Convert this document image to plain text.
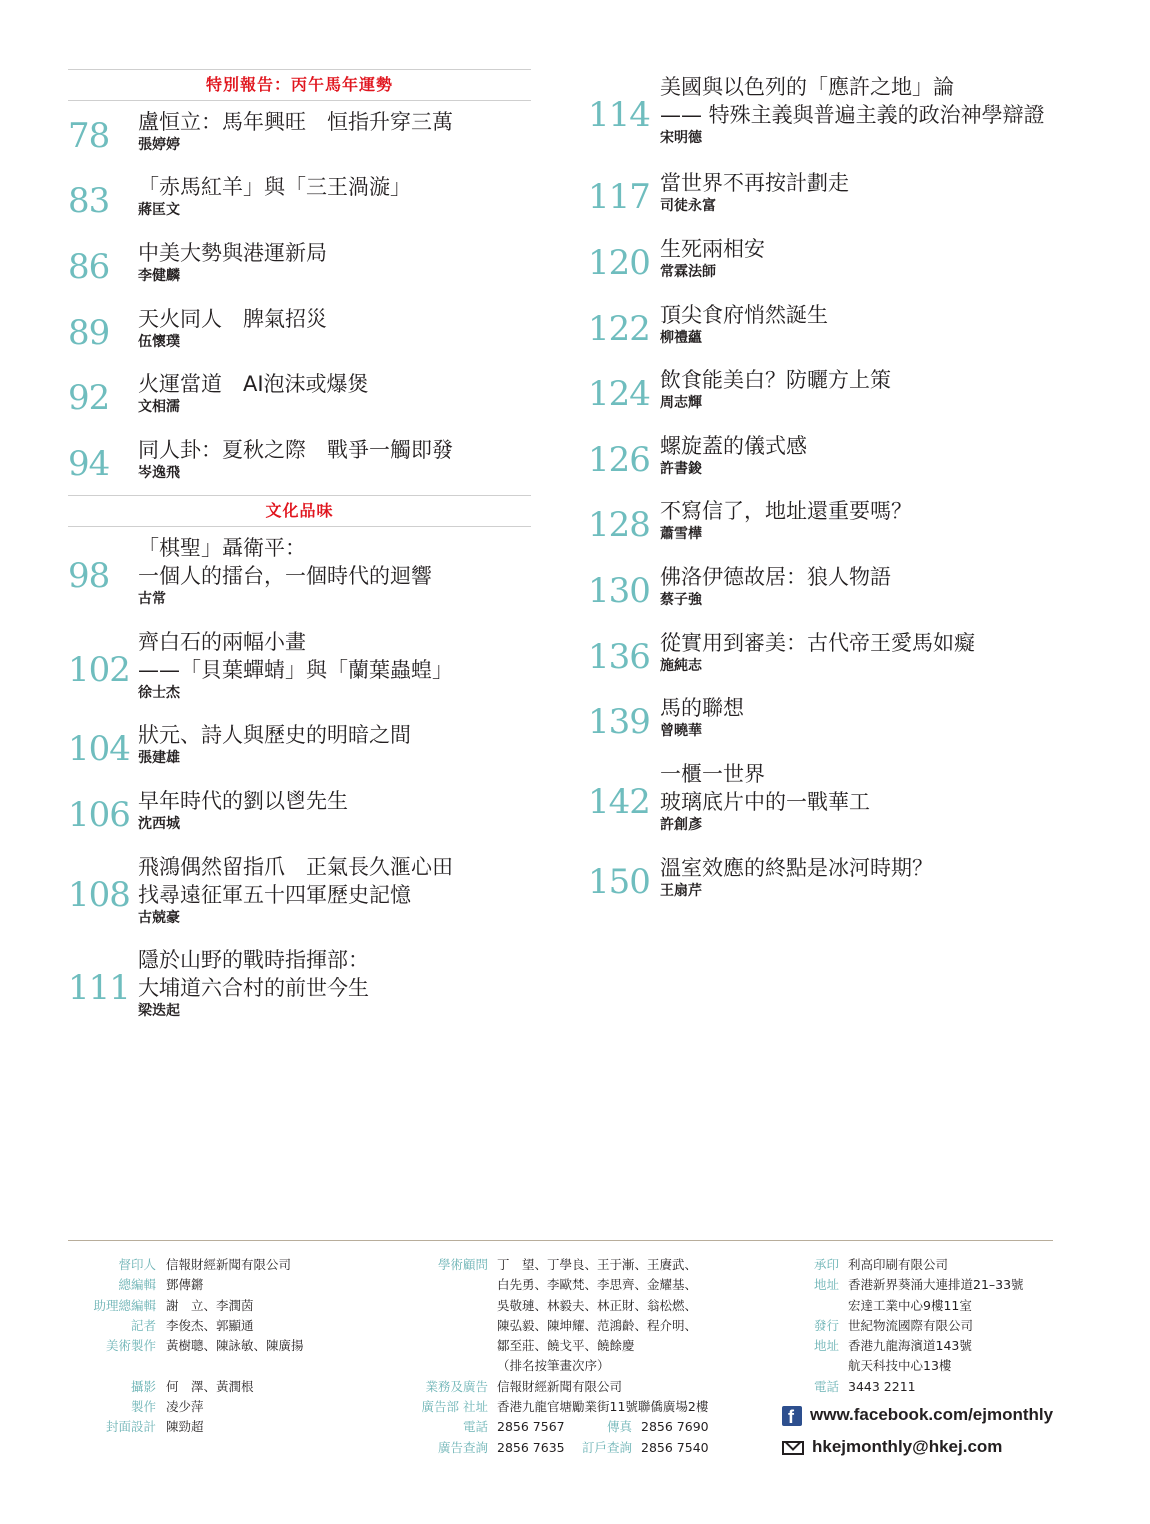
特別報告：丙午馬年運勢
78 盧恒立：馬年興旺　恒指升穿三萬
張婷婷
83 「赤馬紅羊」與「三王渦漩」
蔣匡文
86 中美大勢與港運新局
李健麟
89 天火同人　脾氣招災
伍懷璞
92 火運當道　AI泡沫或爆煲
文相濡
94 同人卦：夏秋之際　戰爭一觸即發
岑逸飛
文化品味
98
「棋聖」聶衛平：
一個人的擂台，一個時代的迴響
古常
102
齊白石的兩幅小畫
——「貝葉蟬蜻」與「蘭葉蟲蝗」
徐士杰
104 狀元、詩人與歷史的明暗之間
張建雄
106 早年時代的劉以鬯先生
沈西城
108
飛鴻偶然留指爪　正氣長久滙心田
找尋遠征軍五十四軍歷史記憶
古兢豪
111
隱於山野的戰時指揮部：
大埔道六合村的前世今生
梁迭起
114
美國與以色列的「應許之地」論
—— 特殊主義與普遍主義的政治神學辯證
宋明德
117 當世界不再按計劃走
司徒永富
120 生死兩相安
常霖法師
122 頂尖食府悄然誕生
柳禮蘊
124 飲食能美白？防曬方上策
周志輝
126 螺旋蓋的儀式感
許書鋑
128 不寫信了，地址還重要嗎？
蕭雪樺
130 佛洛伊德故居：狼人物語
蔡子強
136 從實用到審美：古代帝王愛馬如癡
施純志
139 馬的聯想
曾曉華
142
一櫃一世界
玻璃底片中的一戰華工
許創彥
150 溫室效應的終點是冰河時期？
王扇芹
督印人 信報財經新聞有限公司
總編輯 鄧傳鏘
助理總編輯 謝　立、李潤茵
記者 李俊杰、郭顯通
美術製作 黃樹聰、陳詠敏、陳廣揚
攝影 何　澤、黃潤根
製作 凌少萍
封面設計 陳勁超
學術顧問 丁　望、丁學良、王于漸、王賡武、
白先勇、李歐梵、李思齊、金耀基、
吳敬璉、林毅夫、林正財、翁松燃、
陳弘毅、陳坤耀、范鴻齡、程介明、
鄒至莊、饒戈平、饒餘慶
（排名按筆畫次序）
業務及廣告 信報財經新聞有限公司
廣告部 社址 香港九龍官塘勵業街11號聯僑廣場2樓
電話 2856 7567	傳真 2856 7690
廣告查詢 2856 7635	訂戶查詢 2856 7540
承印 利高印刷有限公司
地址 香港新界葵涌大連排道21–33號
宏達工業中心9樓11室
發行 世紀物流國際有限公司
地址 香港九龍海濱道143號
航天科技中心13樓
電話 3443 2211
fwww.facebook.com/ejmonthly
hkejmonthly@hkej.com
